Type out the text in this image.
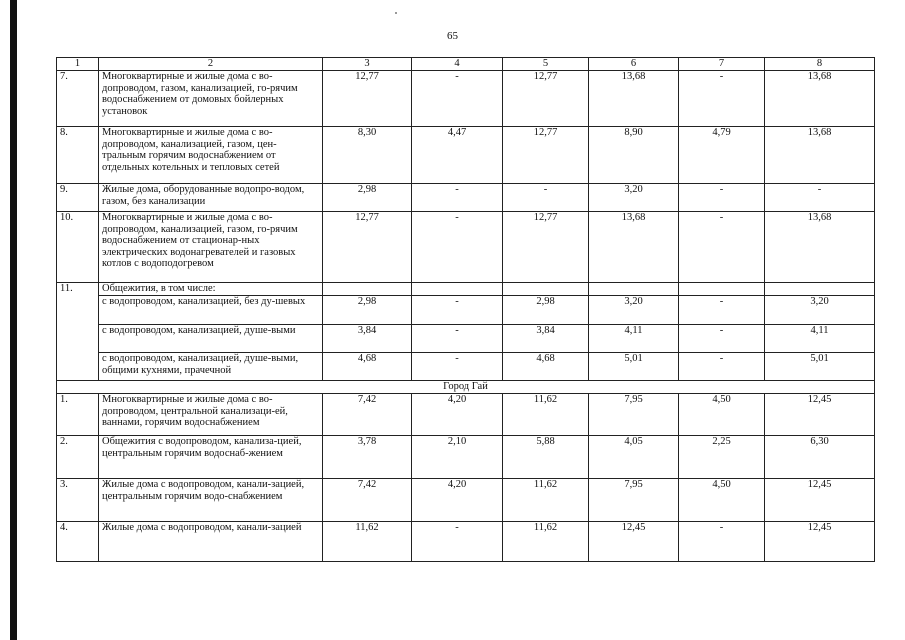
65
1	2	3	4	5	6	7	8
7.	Многоквартирные и жилые дома с во-допроводом, газом, канализацией, го-рячим водоснабжением от домовых бойлерных установок	12,77	-	12,77	13,68	-	13,68
8.	Многоквартирные и жилые дома с во-допроводом, канализацией, газом, цен-тральным горячим водоснабжением от отдельных котельных и тепловых сетей	8,30	4,47	12,77	8,90	4,79	13,68
9.	Жилые дома, оборудованные водопро-водом, газом, без канализации	2,98	-	-	3,20	-	-
10.	Многоквартирные и жилые дома с во-допроводом, канализацией, газом, го-рячим водоснабжением от стационар-ных электрических водонагревателей и газовых котлов с водоподогревом	12,77	-	12,77	13,68	-	13,68
11.	Общежития, в том числе:						
	с водопроводом, канализацией, без ду-шевых	2,98	-	2,98	3,20	-	3,20
	с водопроводом, канализацией, душе-выми	3,84	-	3,84	4,11	-	4,11
	с водопроводом, канализацией, душе-выми, общими кухнями, прачечной	4,68	-	4,68	5,01	-	5,01
Город Гай							
1.	Многоквартирные и жилые дома с во-допроводом, центральной канализаци-ей, ваннами, горячим водоснабжением	7,42	4,20	11,62	7,95	4,50	12,45
2.	Общежития с водопроводом, канализа-цией, центральным горячим водоснаб-жением	3,78	2,10	5,88	4,05	2,25	6,30
3.	Жилые дома с водопроводом, канали-зацией, центральным горячим водо-снабжением	7,42	4,20	11,62	7,95	4,50	12,45
4.	Жилые дома с водопроводом, канали-зацией	11,62	-	11,62	12,45	-	12,45
